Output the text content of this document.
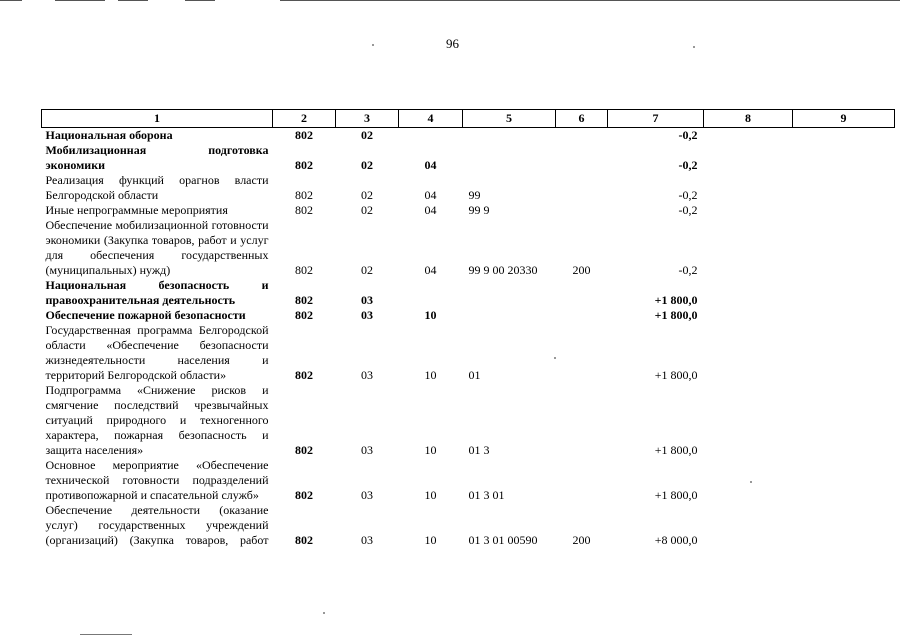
96
1	2	3	4	5	6	7	8	9
Национальная оборона	802	02				-0,2		
Мобилизационная подготовка экономики	802	02	04			-0,2		
Реализация функций орагнов власти Белгородской области	802	02	04	99		-0,2		
Иные непрограммные мероприятия	802	02	04	99 9		-0,2		
Обеспечение мобилизационной готовности экономики (Закупка товаров, работ и услуг для обеспечения государственных (муниципальных) нужд)	802	02	04	99 9 00 20330	200	-0,2		
Национальная безопасность и правоохранительная деятельность	802	03				+1 800,0		
Обеспечение пожарной безопасности	802	03	10			+1 800,0		
Государственная программа Белгородской области «Обеспечение безопасности жизнедеятельности населения и территорий Белгородской области»	802	03	10	01		+1 800,0		
Подпрограмма «Снижение рисков и смягчение последствий чрезвычайных ситуаций природного и техногенного характера, пожарная безопасность и защита населения»	802	03	10	01 3		+1 800,0		
Основное мероприятие «Обеспечение технической готовности подразделений противопожарной и спасательной служб»	802	03	10	01 3 01		+1 800,0		
Обеспечение деятельности (оказание услуг) государственных учреждений (организаций) (Закупка товаров, работ	802	03	10	01 3 01 00590	200	+8 000,0		
